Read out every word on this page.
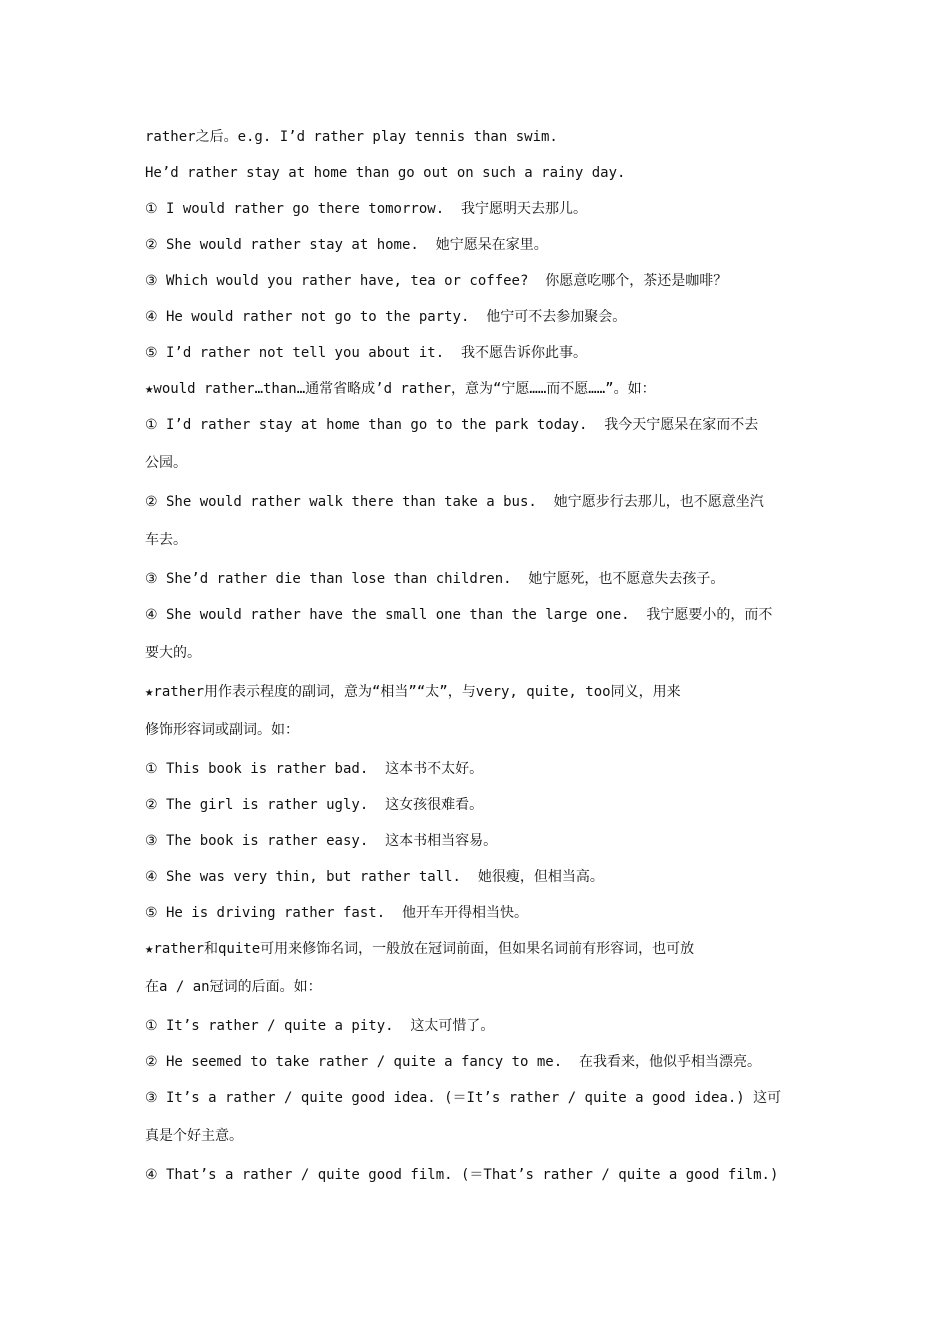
rather之后。e.g. I’d rather play tennis than swim.
He’d rather stay at home than go out on such a rainy day.
① I would rather go there tomorrow.  我宁愿明天去那儿。
② She would rather stay at home.  她宁愿呆在家里。
③ Which would you rather have, tea or coffee?  你愿意吃哪个，茶还是咖啡？
④ He would rather not go to the party.  他宁可不去参加聚会。
⑤ I’d rather not tell you about it.  我不愿告诉你此事。
★would rather…than…通常省略成’d rather，意为“宁愿……而不愿……”。如：
① I’d rather stay at home than go to the park today.  我今天宁愿呆在家而不去
公园。
② She would rather walk there than take a bus.  她宁愿步行去那儿，也不愿意坐汽
车去。
③ She’d rather die than lose than children.  她宁愿死，也不愿意失去孩子。
④ She would rather have the small one than the large one.  我宁愿要小的，而不
要大的。
★rather用作表示程度的副词，意为“相当”“太”，与very, quite, too同义，用来
修饰形容词或副词。如：
① This book is rather bad.  这本书不太好。
② The girl is rather ugly.  这女孩很难看。
③ The book is rather easy.  这本书相当容易。
④ She was very thin, but rather tall.  她很瘦，但相当高。
⑤ He is driving rather fast.  他开车开得相当快。
★rather和quite可用来修饰名词，一般放在冠词前面，但如果名词前有形容词，也可放
在a / an冠词的后面。如：
① It’s rather / quite a pity.  这太可惜了。
② He seemed to take rather / quite a fancy to me.  在我看来，他似乎相当漂亮。
③ It’s a rather / quite good idea. (＝It’s rather / quite a good idea.) 这可
真是个好主意。
④ That’s a rather / quite good film. (＝That’s rather / quite a good film.)
